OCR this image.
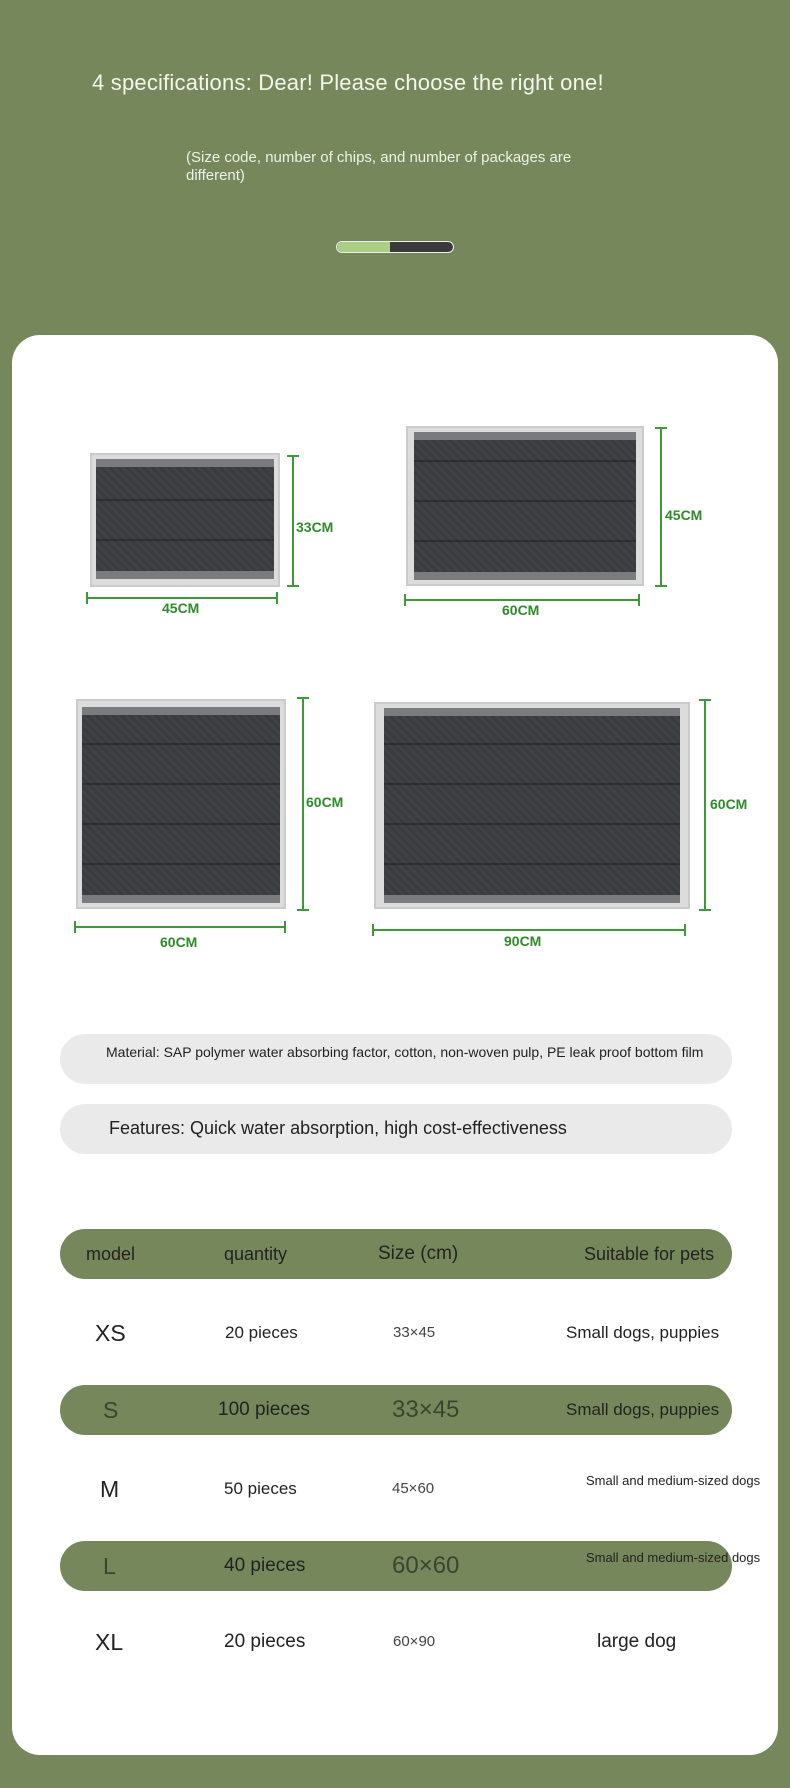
4 specifications: Dear! Please choose the right one!
(Size code, number of chips, and number of packages are different)
45CM
33CM
60CM
45CM
60CM
60CM
90CM
60CM
Material: SAP polymer water absorbing factor, cotton, non-woven pulp, PE leak proof bottom film
Features: Quick water absorption, high cost-effectiveness
model	quantity	Size (cm)	Suitable for pets
XS	20 pieces	33×45	Small dogs, puppies
S	100 pieces	33×45	Small dogs, puppies
M	50 pieces	45×60	Small and medium-sized dogs
L	40 pieces	60×60	Small and medium-sized dogs
XL	20 pieces	60×90	large dog
